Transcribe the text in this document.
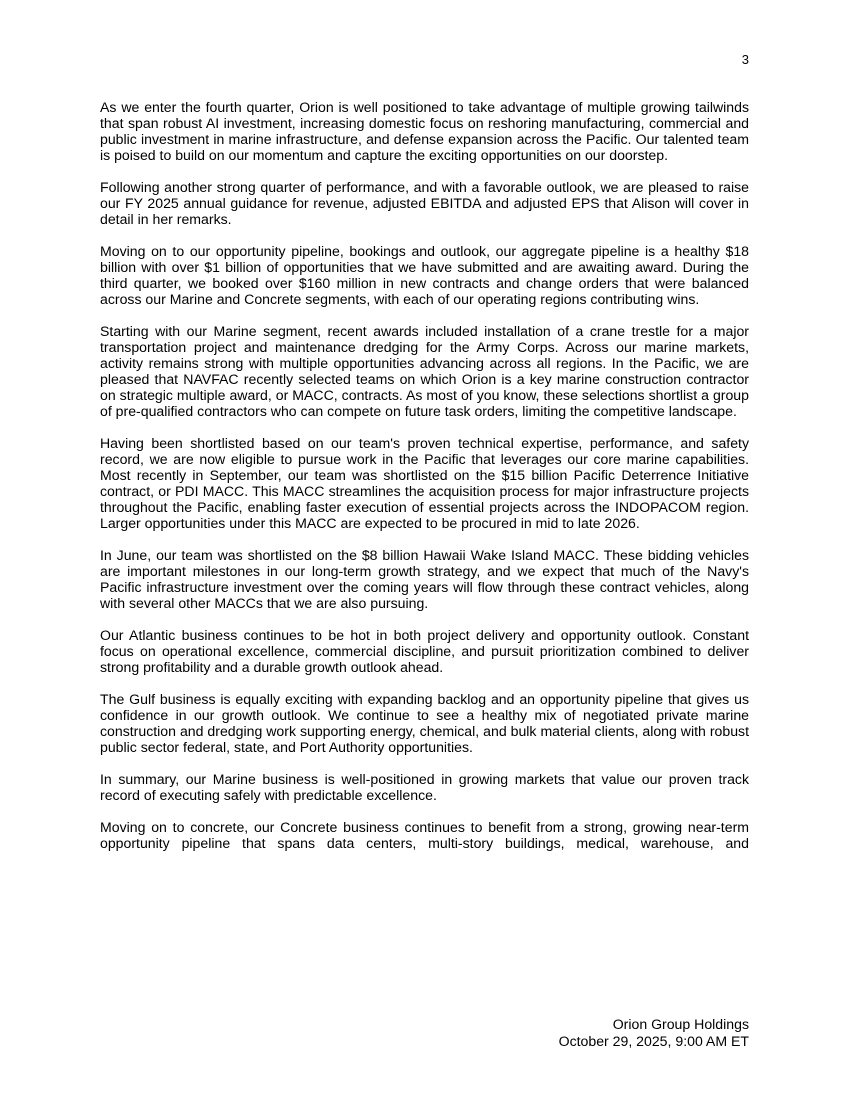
3

As we enter the fourth quarter, Orion is well positioned to take advantage of multiple growing tailwinds that span robust AI investment, increasing domestic focus on reshoring manufacturing, commercial and public investment in marine infrastructure, and defense expansion across the Pacific. Our talented team is poised to build on our momentum and capture the exciting opportunities on our doorstep.

Following another strong quarter of performance, and with a favorable outlook, we are pleased to raise our FY 2025 annual guidance for revenue, adjusted EBITDA and adjusted EPS that Alison will cover in detail in her remarks.

Moving on to our opportunity pipeline, bookings and outlook, our aggregate pipeline is a healthy $18 billion with over $1 billion of opportunities that we have submitted and are awaiting award. During the third quarter, we booked over $160 million in new contracts and change orders that were balanced across our Marine and Concrete segments, with each of our operating regions contributing wins.

Starting with our Marine segment, recent awards included installation of a crane trestle for a major transportation project and maintenance dredging for the Army Corps. Across our marine markets, activity remains strong with multiple opportunities advancing across all regions. In the Pacific, we are pleased that NAVFAC recently selected teams on which Orion is a key marine construction contractor on strategic multiple award, or MACC, contracts. As most of you know, these selections shortlist a group of pre-qualified contractors who can compete on future task orders, limiting the competitive landscape.

Having been shortlisted based on our team's proven technical expertise, performance, and safety record, we are now eligible to pursue work in the Pacific that leverages our core marine capabilities. Most recently in September, our team was shortlisted on the $15 billion Pacific Deterrence Initiative contract, or PDI MACC. This MACC streamlines the acquisition process for major infrastructure projects throughout the Pacific, enabling faster execution of essential projects across the INDOPACOM region. Larger opportunities under this MACC are expected to be procured in mid to late 2026.

In June, our team was shortlisted on the $8 billion Hawaii Wake Island MACC. These bidding vehicles are important milestones in our long-term growth strategy, and we expect that much of the Navy's Pacific infrastructure investment over the coming years will flow through these contract vehicles, along with several other MACCs that we are also pursuing.

Our Atlantic business continues to be hot in both project delivery and opportunity outlook. Constant focus on operational excellence, commercial discipline, and pursuit prioritization combined to deliver strong profitability and a durable growth outlook ahead.

The Gulf business is equally exciting with expanding backlog and an opportunity pipeline that gives us confidence in our growth outlook. We continue to see a healthy mix of negotiated private marine construction and dredging work supporting energy, chemical, and bulk material clients, along with robust public sector federal, state, and Port Authority opportunities.

In summary, our Marine business is well-positioned in growing markets that value our proven track record of executing safely with predictable excellence.

Moving on to concrete, our Concrete business continues to benefit from a strong, growing near-term opportunity pipeline that spans data centers, multi-story buildings, medical, warehouse, and

Orion Group Holdings
October 29, 2025, 9:00 AM ET
